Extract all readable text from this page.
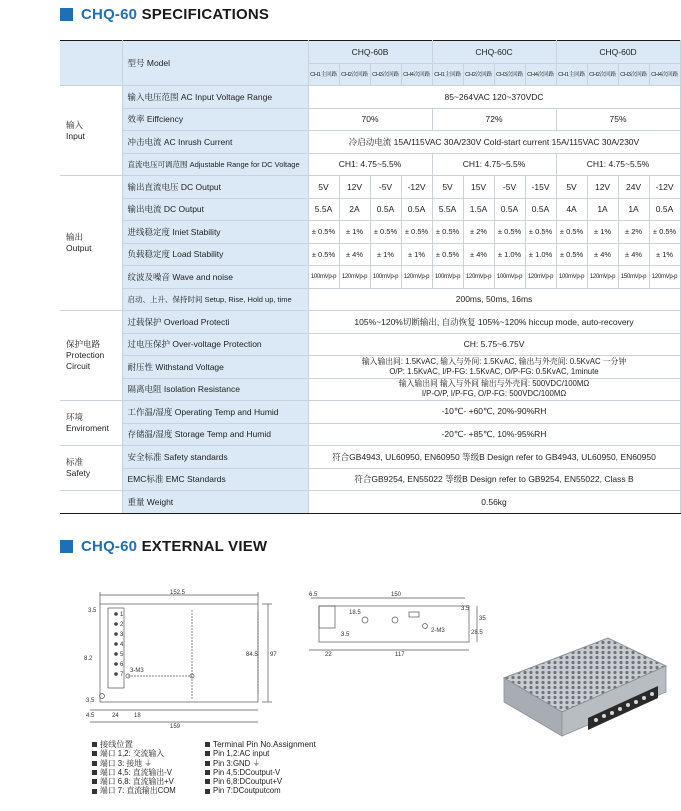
CHQ-60 SPECIFICATIONS
	型号 Model	CHQ-60B				CHQ-60C				CHQ-60D			
		CH1主回路	CH2次回路	CH3次回路	CH4次回路	CH1主回路	CH2次回路	CH3次回路	CH4次回路	CH1主回路	CH2次回路	CH3次回路	CH4次回路
输入
Input	输入电压范围 AC Input Voltage Range	85~264VAC 120~370VDC											
	效率 Eiffciency	70%				72%				75%			
	冲击电流 AC Inrush Current	冷启动电流 15A/115VAC 30A/230V Cold-start current 15A/115VAC 30A/230V											
	直流电压可调范围 Adjustable Range for DC Voltage	CH1: 4.75~5.5%				CH1: 4.75~5.5%				CH1: 4.75~5.5%			
输出
Output	输出直流电压 DC Output	5V	12V	-5V	-12V	5V	15V	-5V	-15V	5V	12V	24V	-12V
	输出电流 DC Output	5.5A	2A	0.5A	0.5A	5.5A	1.5A	0.5A	0.5A	4A	1A	1A	0.5A
	进线稳定度 Iniet Stability	± 0.5%	± 1%	± 0.5%	± 0.5%	± 0.5%	± 2%	± 0.5%	± 0.5%	± 0.5%	± 1%	± 2%	± 0.5%
	负载稳定度 Load Stability	± 0.5%	± 4%	± 1%	± 1%	± 0.5%	± 4%	± 1.0%	± 1.0%	± 0.5%	± 4%	± 4%	± 1%
	纹波及噪音 Wave and noise	100mVp-p	120mVp-p	100mVp-p	120mVp-p	100mVp-p	120mVp-p	100mVp-p	120mVp-p	100mVp-p	120mVp-p	150mVp-p	120mVp-p
	启动、上升、保持时间 Setup, Rise, Hold up, time	200ms, 50ms, 16ms											
保护电路
Protection
Circuit	过载保护 Overload Protecti	105%~120%切断输出, 自动恢复 105%~120% hiccup mode, auto-recovery											
	过电压保护 Over-voltage Protection	CH: 5.75~6.75V											
	耐压性 Withstand Voltage	输入输出间: 1.5KvAC, 输入与外间: 1.5KvAC, 输出与外壳间: 0.5KvAC 一分钟
O/P: 1.5KvAC, I/P-FG: 1.5KvAC, O/P-FG: 0.5KvAC, 1minute											
	隔离电阻 Isolation Resistance	输入输出间 输入与外间 输出与外壳间: 500VDC/100MΩ
I/P-O/P, I/P-FG, O/P-FG: 500VDC/100MΩ											
环境
Enviroment	工作温/湿度 Operating Temp and Humid	-10℃- +60℃, 20%-90%RH											
	存储温/湿度 Storage Temp and Humid	-20℃- +85℃, 10%-95%RH											
标准
Safety	安全标准 Safety standards	符合GB4943, UL60950, EN60950 等级B Design refer to GB4943, UL60950, EN60950											
	EMC标准 EMC Standards	符合GB9254, EN55022 等级B Design refer to GB9254, EN55022, Class B											
	重量 Weight	0.56kg											
CHQ-60 EXTERNAL VIEW
1
2
3
4
5
6
7
152.5
97
84.5
159
24	18
4.5
3.5
3.5
8.2
3-M3
6.5	150
18.5
3.5
2-M3
35
28.5
3.5
22	117
接线位置
端口 1,2: 交流输入
端口 3: 接地 ⏚
端口 4,5: 直流输出-V
端口 6,8: 直流输出+V
端口 7: 直流输出COM
Terminal Pin No.Assignment
Pin 1,2:AC input
Pin 3:GND ⏚
Pin 4,5:DCoutput-V
Pin 6,8:DCoutput+V
Pin 7:DCoutputcom
